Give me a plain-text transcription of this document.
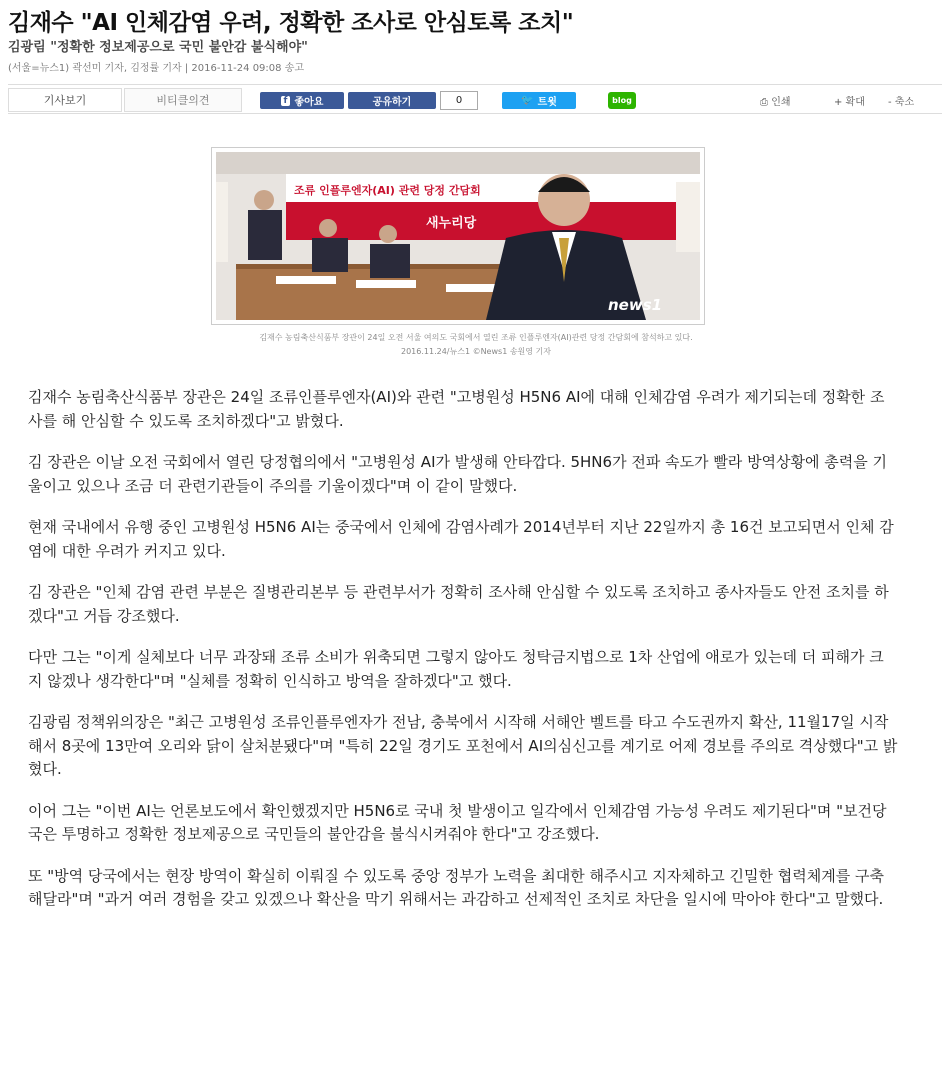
김재수 "AI 인체감염 우려, 정확한 조사로 안심토록 조치"
김광림 "정확한 정보제공으로 국민 불안감 불식해야"
(서울=뉴스1) 곽선미 기자, 김정률 기자 | 2016-11-24 09:08 송고
기사보기	비티클의견	f 좋아요	공유하기	0	🐦 트윗	blog	⎙ 인쇄	+ 확대 - 축소
조류 인플루엔자(AI) 관련 당정 간담회
새누리당
news1
김재수 농림축산식품부 장관이 24일 오전 서울 여의도 국회에서 열린 조류 인플루엔자(AI)관련 당정 간담회에 참석하고 있다.
2016.11.24/뉴스1 ©News1 송원영 기자

김재수 농림축산식품부 장관은 24일 조류인플루엔자(AI)와 관련 "고병원성 H5N6 AI에 대해 인체감염 우려가 제기되는데 정확한 조사를 해 안심할 수 있도록 조치하겠다"고 밝혔다.

김 장관은 이날 오전 국회에서 열린 당정협의에서 "고병원성 AI가 발생해 안타깝다. 5HN6가 전파 속도가 빨라 방역상황에 총력을 기울이고 있으나 조금 더 관련기관들이 주의를 기울이겠다"며 이 같이 말했다.

현재 국내에서 유행 중인 고병원성 H5N6 AI는 중국에서 인체에 감염사례가 2014년부터 지난 22일까지 총 16건 보고되면서 인체 감염에 대한 우려가 커지고 있다.

김 장관은 "인체 감염 관련 부분은 질병관리본부 등 관련부서가 정확히 조사해 안심할 수 있도록 조치하고 종사자들도 안전 조치를 하겠다"고 거듭 강조했다.

다만 그는 "이게 실체보다 너무 과장돼 조류 소비가 위축되면 그렇지 않아도 청탁금지법으로 1차 산업에 애로가 있는데 더 피해가 크지 않겠나 생각한다"며 "실체를 정확히 인식하고 방역을 잘하겠다"고 했다.

김광림 정책위의장은 "최근 고병원성 조류인플루엔자가 전남, 충북에서 시작해 서해안 벨트를 타고 수도권까지 확산, 11월17일 시작해서 8곳에 13만여 오리와 닭이 살처분됐다"며 "특히 22일 경기도 포천에서 AI의심신고를 계기로 어제 경보를 주의로 격상했다"고 밝혔다.

이어 그는 "이번 AI는 언론보도에서 확인했겠지만 H5N6로 국내 첫 발생이고 일각에서 인체감염 가능성 우려도 제기된다"며 "보건당국은 투명하고 정확한 정보제공으로 국민들의 불안감을 불식시켜줘야 한다"고 강조했다.

또 "방역 당국에서는 현장 방역이 확실히 이뤄질 수 있도록 중앙 정부가 노력을 최대한 해주시고 지자체하고 긴밀한 협력체계를 구축해달라"며 "과거 여러 경험을 갖고 있겠으나 확산을 막기 위해서는 과감하고 선제적인 조치로 차단을 일시에 막아야 한다"고 말했다.
